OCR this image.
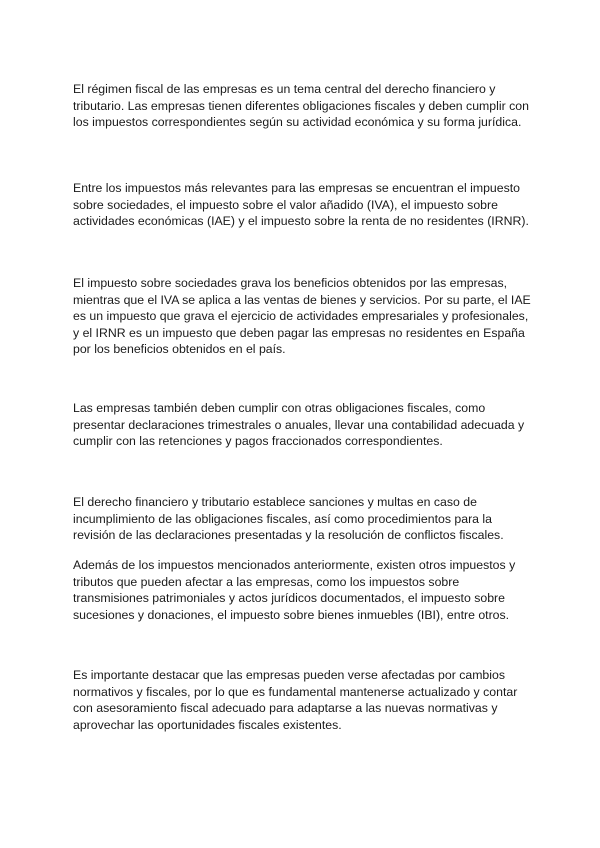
El régimen fiscal de las empresas es un tema central del derecho financiero y
tributario. Las empresas tienen diferentes obligaciones fiscales y deben cumplir con
los impuestos correspondientes según su actividad económica y su forma jurídica.

Entre los impuestos más relevantes para las empresas se encuentran el impuesto
sobre sociedades, el impuesto sobre el valor añadido (IVA), el impuesto sobre
actividades económicas (IAE) y el impuesto sobre la renta de no residentes (IRNR).

El impuesto sobre sociedades grava los beneficios obtenidos por las empresas,
mientras que el IVA se aplica a las ventas de bienes y servicios. Por su parte, el IAE
es un impuesto que grava el ejercicio de actividades empresariales y profesionales,
y el IRNR es un impuesto que deben pagar las empresas no residentes en España
por los beneficios obtenidos en el país.

Las empresas también deben cumplir con otras obligaciones fiscales, como
presentar declaraciones trimestrales o anuales, llevar una contabilidad adecuada y
cumplir con las retenciones y pagos fraccionados correspondientes.

El derecho financiero y tributario establece sanciones y multas en caso de
incumplimiento de las obligaciones fiscales, así como procedimientos para la
revisión de las declaraciones presentadas y la resolución de conflictos fiscales.

Además de los impuestos mencionados anteriormente, existen otros impuestos y
tributos que pueden afectar a las empresas, como los impuestos sobre
transmisiones patrimoniales y actos jurídicos documentados, el impuesto sobre
sucesiones y donaciones, el impuesto sobre bienes inmuebles (IBI), entre otros.

Es importante destacar que las empresas pueden verse afectadas por cambios
normativos y fiscales, por lo que es fundamental mantenerse actualizado y contar
con asesoramiento fiscal adecuado para adaptarse a las nuevas normativas y
aprovechar las oportunidades fiscales existentes.
